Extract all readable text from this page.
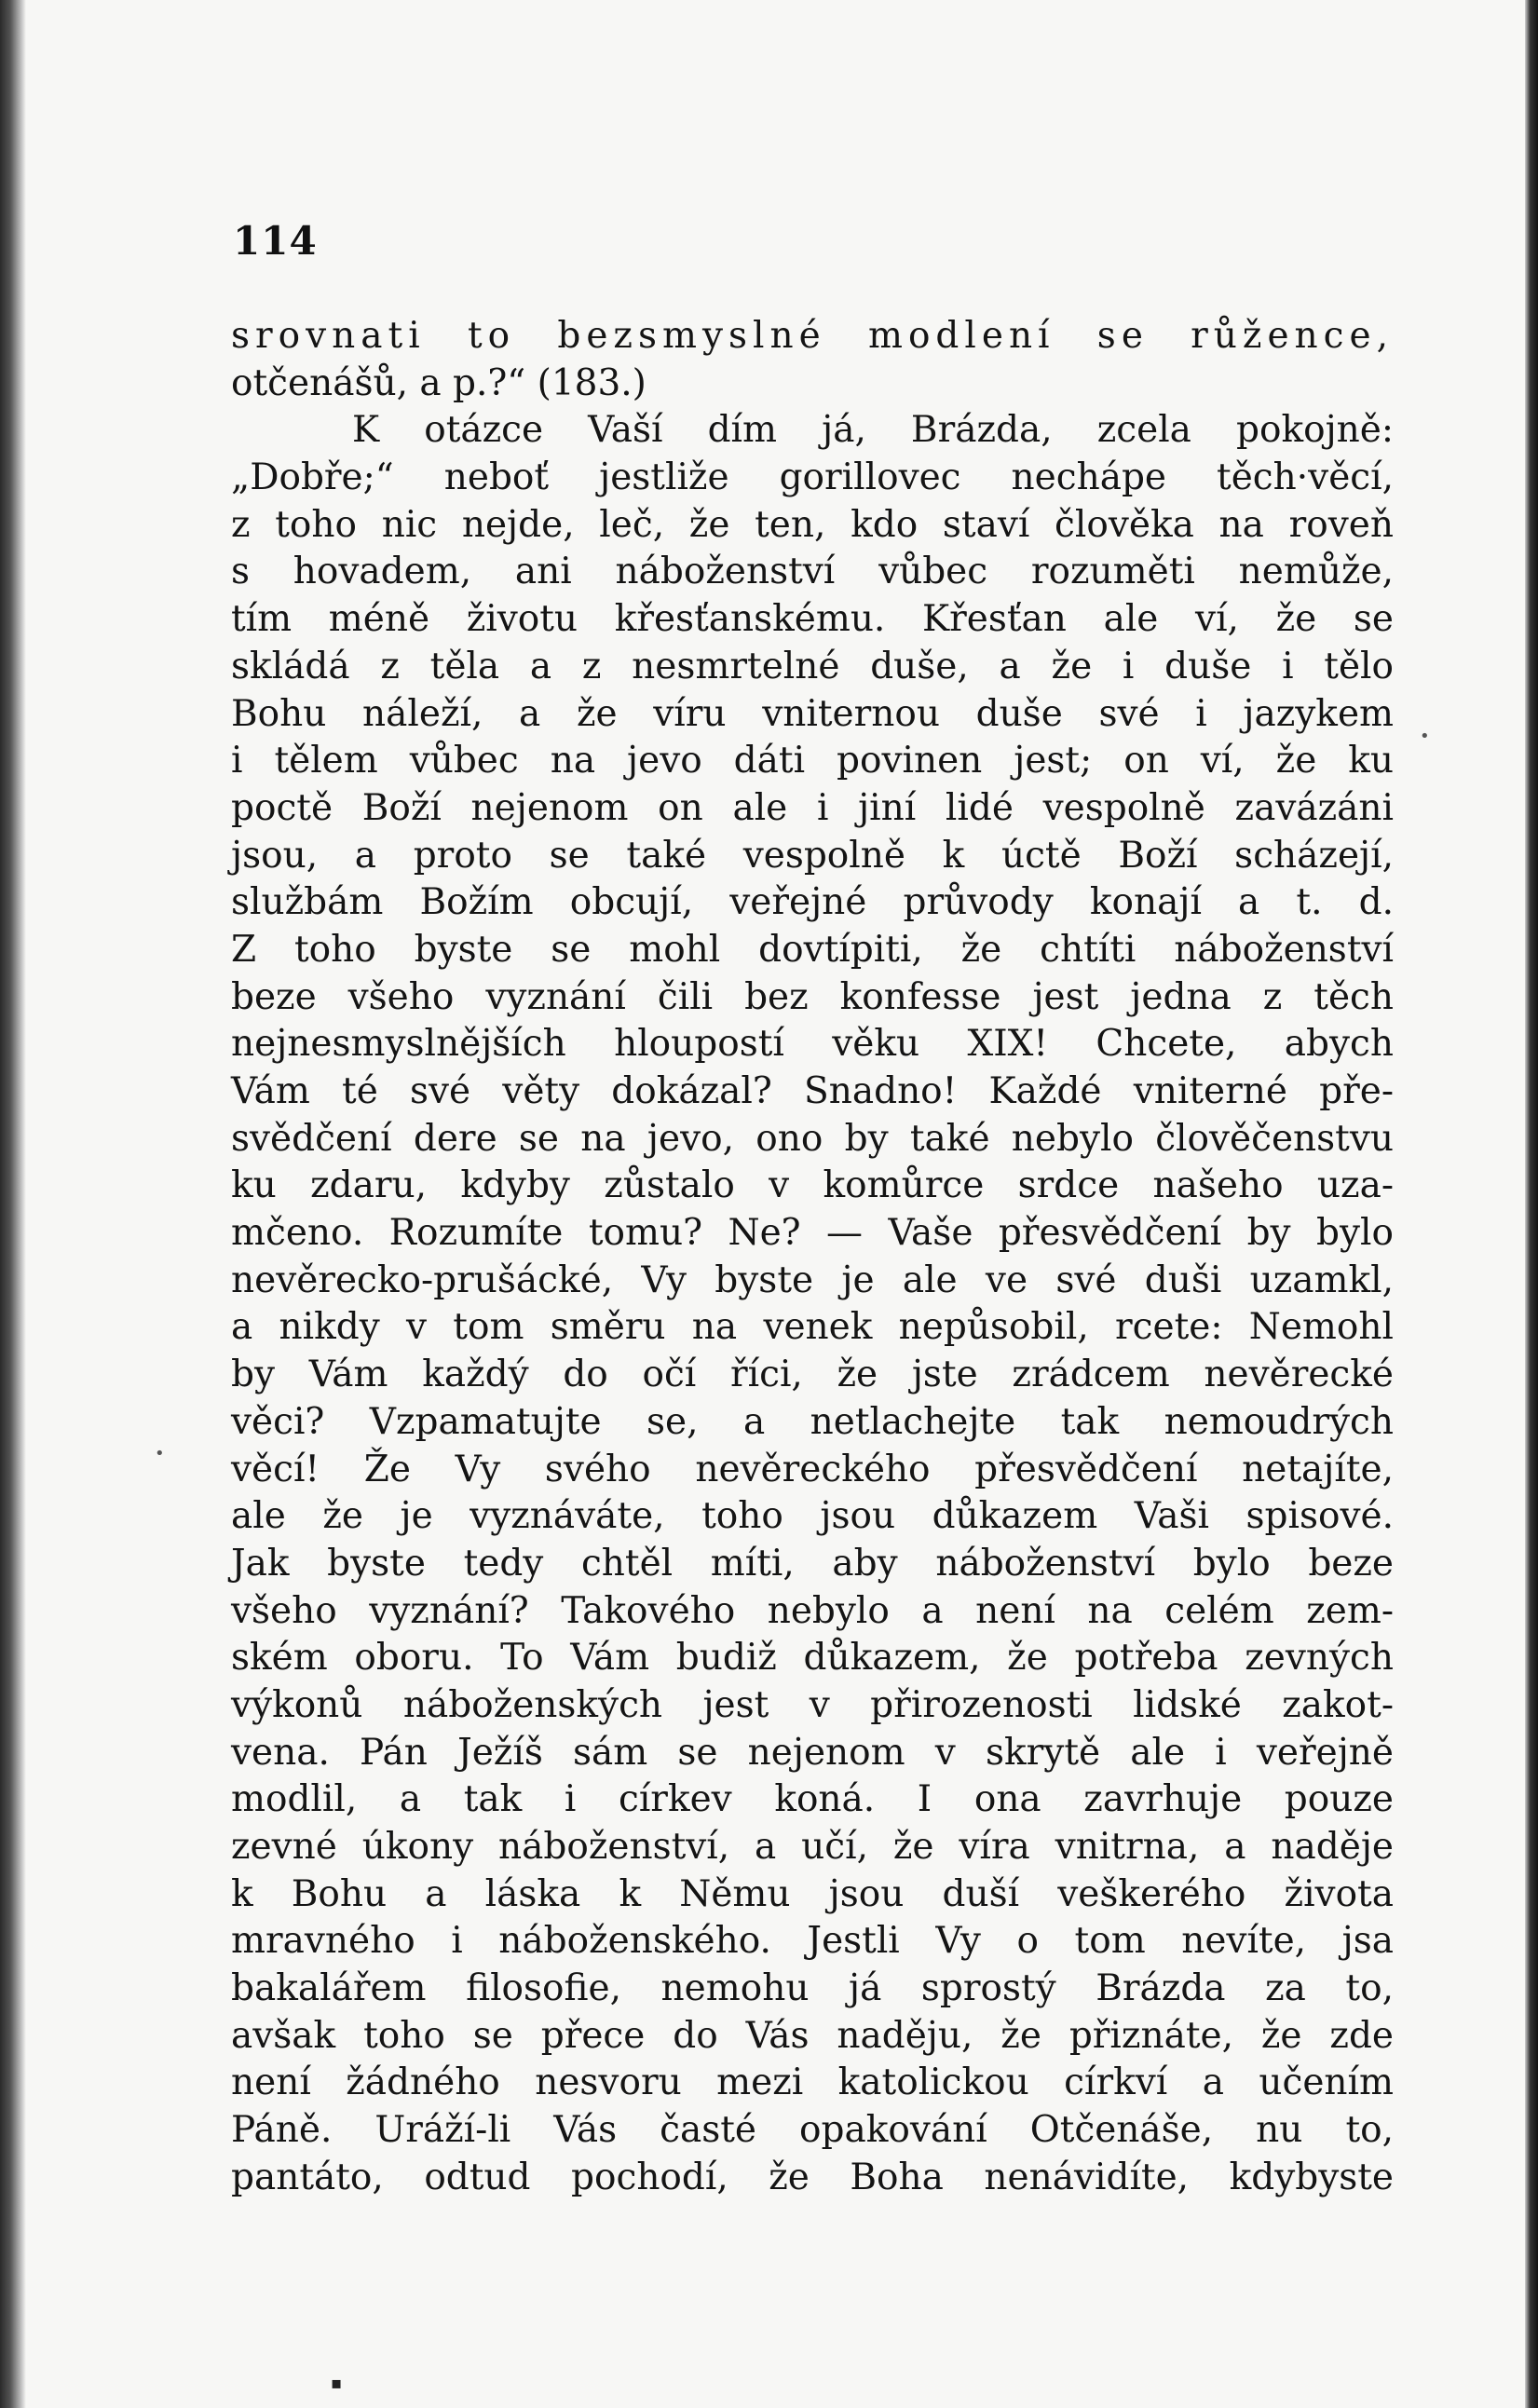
114
srovnati to bezsmyslné modlení se růžence,
otčenášů, a p.?“ (183.)
K otázce Vaší dím já, Brázda, zcela pokojně:
„Dobře;“ neboť jestliže gorillovec nechápe těch·věcí,
z toho nic nejde, leč, že ten, kdo staví člověka na roveň
s hovadem, ani náboženství vůbec rozuměti nemůže,
tím méně životu křesťanskému. Křesťan ale ví, že se
skládá z těla a z nesmrtelné duše, a že i duše i tělo
Bohu náleží, a že víru vniternou duše své i jazykem
i tělem vůbec na jevo dáti povinen jest; on ví, že ku
poctě Boží nejenom on ale i jiní lidé vespolně zavázáni
jsou, a proto se také vespolně k úctě Boží scházejí,
službám Božím obcují, veřejné průvody konají a t. d.
Z toho byste se mohl dovtípiti, že chtíti náboženství
beze všeho vyznání čili bez konfesse jest jedna z těch
nejnesmyslnějších hloupostí věku XIX! Chcete, abych
Vám té své věty dokázal? Snadno! Každé vniterné pře-
svědčení dere se na jevo, ono by také nebylo člověčenstvu
ku zdaru, kdyby zůstalo v komůrce srdce našeho uza-
mčeno. Rozumíte tomu? Ne? — Vaše přesvědčení by bylo
nevěrecko-prušácké, Vy byste je ale ve své duši uzamkl,
a nikdy v tom směru na venek nepůsobil, rcete: Nemohl
by Vám každý do očí říci, že jste zrádcem nevěrecké
věci? Vzpamatujte se, a netlachejte tak nemoudrých
věcí! Že Vy svého nevěreckého přesvědčení netajíte,
ale že je vyznáváte, toho jsou důkazem Vaši spisové.
Jak byste tedy chtěl míti, aby náboženství bylo beze
všeho vyznání? Takového nebylo a není na celém zem-
ském oboru. To Vám budiž důkazem, že potřeba zevných
výkonů náboženských jest v přirozenosti lidské zakot-
vena. Pán Ježíš sám se nejenom v skrytě ale i veřejně
modlil, a tak i církev koná. I ona zavrhuje pouze
zevné úkony náboženství, a učí, že víra vnitrna, a naděje
k Bohu a láska k Němu jsou duší veškerého života
mravného i náboženského. Jestli Vy o tom nevíte, jsa
bakalářem filosofie, nemohu já sprostý Brázda za to,
avšak toho se přece do Vás naděju, že přiznáte, že zde
není žádného nesvoru mezi katolickou církví a učením
Páně. Uráží-li Vás časté opakování Otčenáše, nu to,
pantáto, odtud pochodí, že Boha nenávidíte, kdybyste
•
•
▪
